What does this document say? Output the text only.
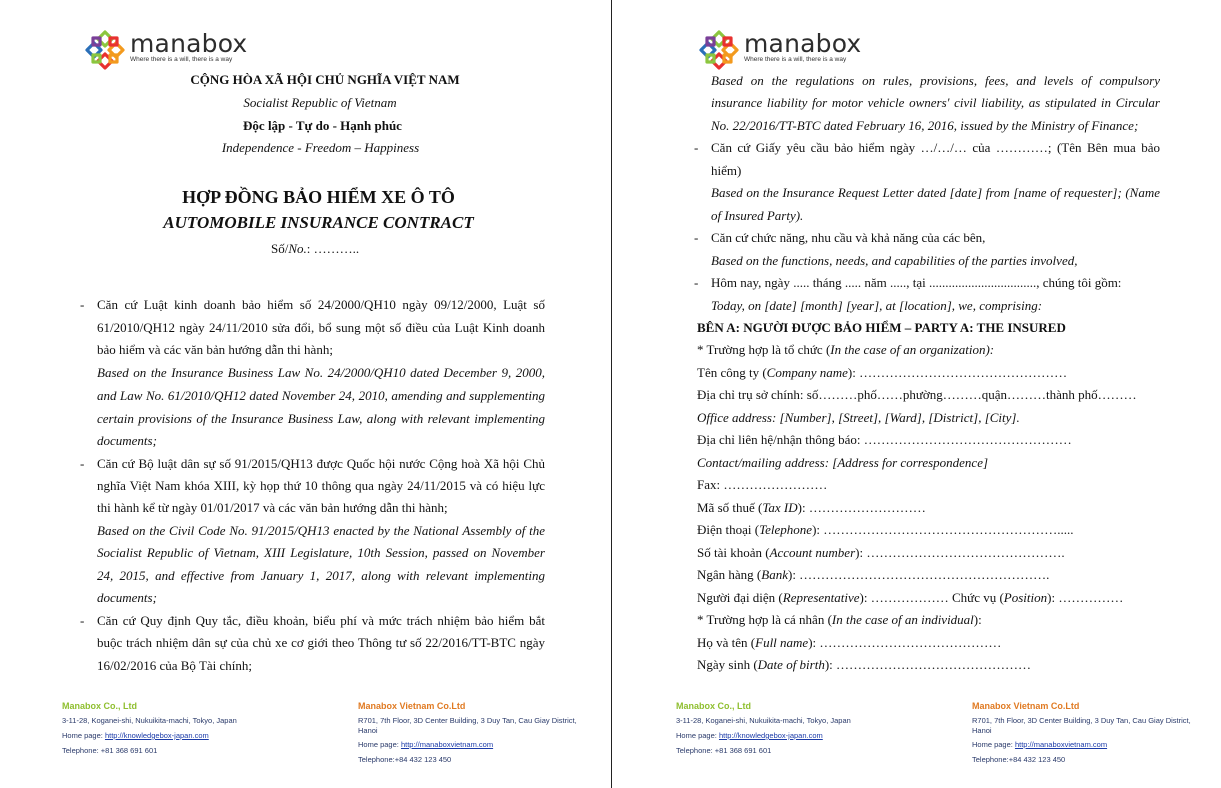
manabox
Where there is a will, there is a way
CỘNG HÒA XÃ HỘI CHỦ NGHĨA VIỆT NAM
Socialist Republic of Vietnam
Độc lập - Tự do - Hạnh phúc
Independence - Freedom – Happiness
HỢP ĐỒNG BẢO HIỂM XE Ô TÔ
AUTOMOBILE INSURANCE CONTRACT
Số/No.: ………..
- Căn cứ Luật kinh doanh bảo hiểm số 24/2000/QH10 ngày 09/12/2000, Luật số
61/2010/QH12 ngày 24/11/2010 sửa đổi, bổ sung một số điều của Luật Kinh doanh
bảo hiểm và các văn bản hướng dẫn thi hành;
Based on the Insurance Business Law No. 24/2000/QH10 dated December 9, 2000,
and Law No. 61/2010/QH12 dated November 24, 2010, amending and supplementing
certain provisions of the Insurance Business Law, along with relevant implementing
documents;
- Căn cứ Bộ luật dân sự số 91/2015/QH13 được Quốc hội nước Cộng hoà Xã hội Chủ
nghĩa Việt Nam khóa XIII, kỳ họp thứ 10 thông qua ngày 24/11/2015 và có hiệu lực
thi hành kể từ ngày 01/01/2017 và các văn bản hướng dẫn thi hành;
Based on the Civil Code No. 91/2015/QH13 enacted by the National Assembly of the
Socialist Republic of Vietnam, XIII Legislature, 10th Session, passed on November
24, 2015, and effective from January 1, 2017, along with relevant implementing
documents;
- Căn cứ Quy định Quy tắc, điều khoản, biểu phí và mức trách nhiệm bảo hiểm bắt
buộc trách nhiệm dân sự của chủ xe cơ giới theo Thông tư số 22/2016/TT-BTC ngày
16/02/2016 của Bộ Tài chính;
Manabox Co., Ltd
3-11-28, Koganei-shi, Nukuikita-machi, Tokyo, Japan
Home page: http://knowledgebox-japan.com
Telephone: +81 368 691 601
Manabox Vietnam Co.Ltd
R701, 7th Floor, 3D Center Building, 3 Duy Tan, Cau Giay District,
Hanoi
Home page: http://manaboxvietnam.com
Telephone:+84 432 123 450
manabox
Where there is a will, there is a way
Based on the regulations on rules, provisions, fees, and levels of compulsory
insurance liability for motor vehicle owners' civil liability, as stipulated in Circular
No. 22/2016/TT-BTC dated February 16, 2016, issued by the Ministry of Finance;
- Căn cứ Giấy yêu cầu bảo hiểm ngày …/…/… của …………; (Tên Bên mua bảo
hiểm)
Based on the Insurance Request Letter dated [date] from [name of requester]; (Name
of Insured Party).
- Căn cứ chức năng, nhu cầu và khả năng của các bên,
Based on the functions, needs, and capabilities of the parties involved,
- Hôm nay, ngày ..... tháng ..... năm ....., tại ................................., chúng tôi gồm:
Today, on [date] [month] [year], at [location], we, comprising:
BÊN A: NGƯỜI ĐƯỢC BẢO HIỂM – PARTY A: THE INSURED
* Trường hợp là tổ chức (In the case of an organization):
Tên công ty (Company name): …………………………………………
Địa chỉ trụ sở chính: số………phố……phường………quận………thành phố………
Office address: [Number], [Street], [Ward], [District], [City].
Địa chỉ liên hệ/nhận thông báo: …………………………………………
Contact/mailing address: [Address for correspondence]
Fax: ……………………
Mã số thuế (Tax ID): ………………………
Điện thoại (Telephone): ……………………………………………….....
Số tài khoản (Account number): ……………………………………….
Ngân hàng (Bank): ………………………………………………….
Người đại diện (Representative): ……………… Chức vụ (Position): ……………
* Trường hợp là cá nhân (In the case of an individual):
Họ và tên (Full name): ……………………………………
Ngày sinh (Date of birth): ………………………………………
Manabox Co., Ltd
3-11-28, Koganei-shi, Nukuikita-machi, Tokyo, Japan
Home page: http://knowledgebox-japan.com
Telephone: +81 368 691 601
Manabox Vietnam Co.Ltd
R701, 7th Floor, 3D Center Building, 3 Duy Tan, Cau Giay District,
Hanoi
Home page: http://manaboxvietnam.com
Telephone:+84 432 123 450
